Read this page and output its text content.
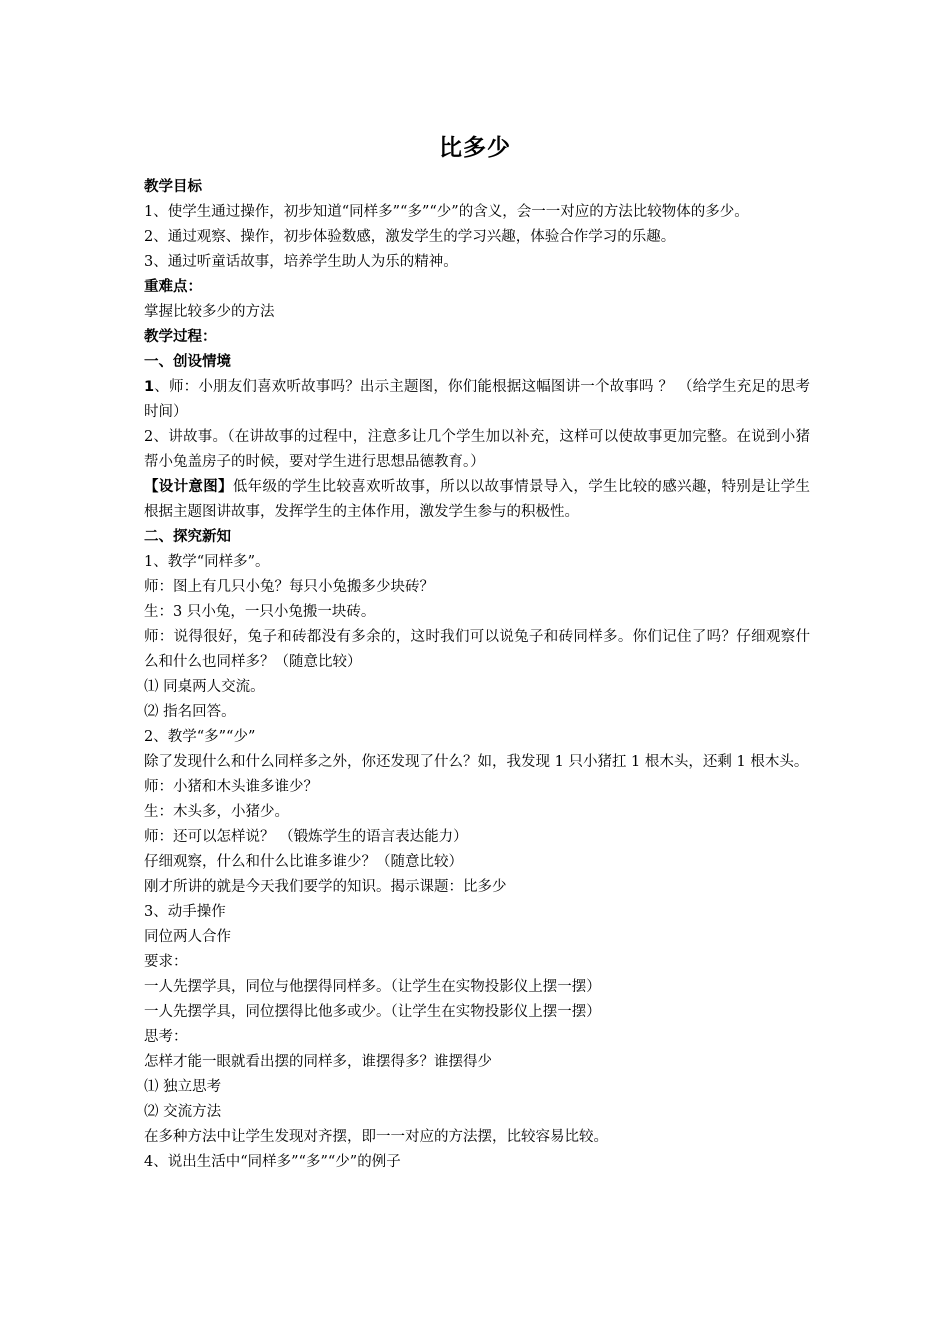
比多少

教学目标

1、使学生通过操作，初步知道“同样多”“多”“少”的含义，会一一对应的方法比较物体的多少。

2、通过观察、操作，初步体验数感，激发学生的学习兴趣，体验合作学习的乐趣。

3、通过听童话故事，培养学生助人为乐的精神。

重难点：

掌握比较多少的方法

教学过程：

一、创设情境

1、师：小朋友们喜欢听故事吗？出示主题图，你们能根据这幅图讲一个故事吗 ？ （给学生充足的思考时间）

2、讲故事。（在讲故事的过程中，注意多让几个学生加以补充，这样可以使故事更加完整。在说到小猪帮小兔盖房子的时候，要对学生进行思想品德教育。）

【设计意图】低年级的学生比较喜欢听故事，所以以故事情景导入，学生比较的感兴趣，特别是让学生根据主题图讲故事，发挥学生的主体作用，激发学生参与的积极性。

二、探究新知

1、教学“同样多”。

师：图上有几只小兔？每只小兔搬多少块砖？

生：3 只小兔，一只小兔搬一块砖。

师：说得很好，兔子和砖都没有多余的，这时我们可以说兔子和砖同样多。你们记住了吗？仔细观察什么和什么也同样多？（随意比较）

⑴ 同桌两人交流。

⑵ 指名回答。

2、教学“多”“少”

除了发现什么和什么同样多之外，你还发现了什么？如，我发现 1 只小猪扛 1 根木头，还剩 1 根木头。

师：小猪和木头谁多谁少？

生：木头多，小猪少。

师：还可以怎样说？ （锻炼学生的语言表达能力）

仔细观察，什么和什么比谁多谁少？（随意比较）

刚才所讲的就是今天我们要学的知识。揭示课题：比多少

3、动手操作

同位两人合作

要求：

一人先摆学具，同位与他摆得同样多。（让学生在实物投影仪上摆一摆）

一人先摆学具，同位摆得比他多或少。（让学生在实物投影仪上摆一摆）

思考：

怎样才能一眼就看出摆的同样多，谁摆得多？谁摆得少

⑴ 独立思考

⑵ 交流方法

在多种方法中让学生发现对齐摆，即一一对应的方法摆，比较容易比较。

4、说出生活中“同样多”“多”“少”的例子
